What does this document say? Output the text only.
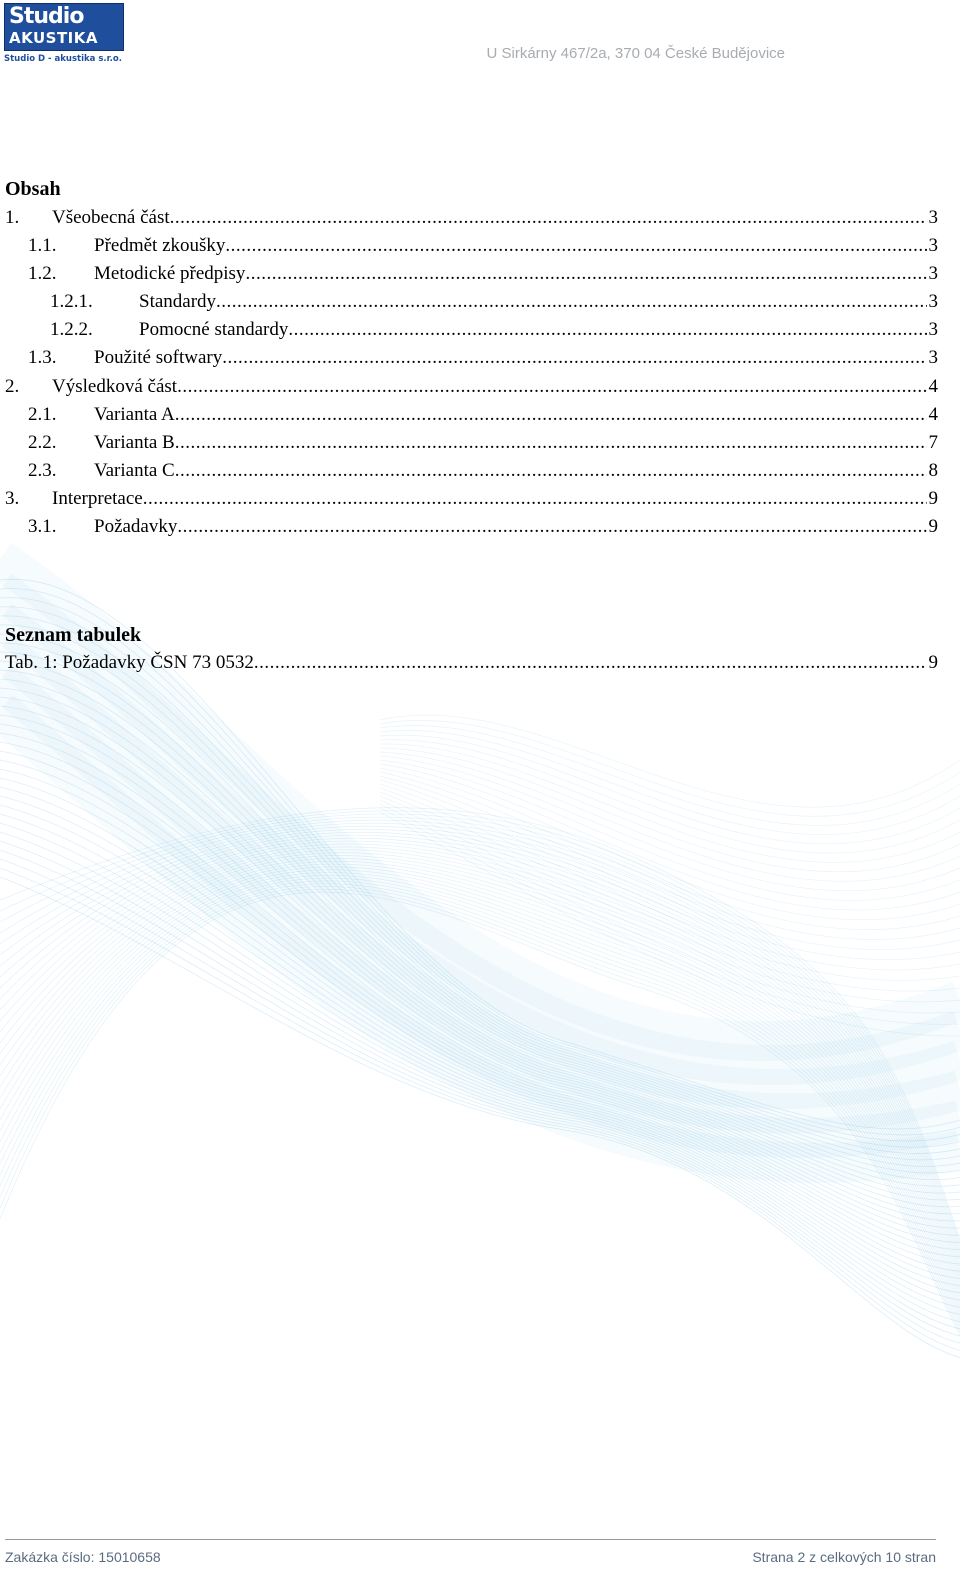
Studio
AKUSTIKA
Studio D - akustika s.r.o.	U Sirkárny 467/2a, 370 04 České Budějovice
Obsah
1.	Všeobecná část .....	3
1.1.	Předmět zkoušky .....	3
1.2.	Metodické předpisy .....	3
1.2.1.	Standardy .....	3
1.2.2.	Pomocné standardy .....	3
1.3.	Použité softwary .....	3
2.	Výsledková část .....	4
2.1.	Varianta A .....	4
2.2.	Varianta B .....	7
2.3.	Varianta C .....	8
3.	Interpretace .....	9
3.1.	Požadavky .....	9
Seznam tabulek
Tab. 1: Požadavky ČSN 73 0532 .....	9
Zakázka číslo: 15010658	Strana 2 z celkových 10 stran
